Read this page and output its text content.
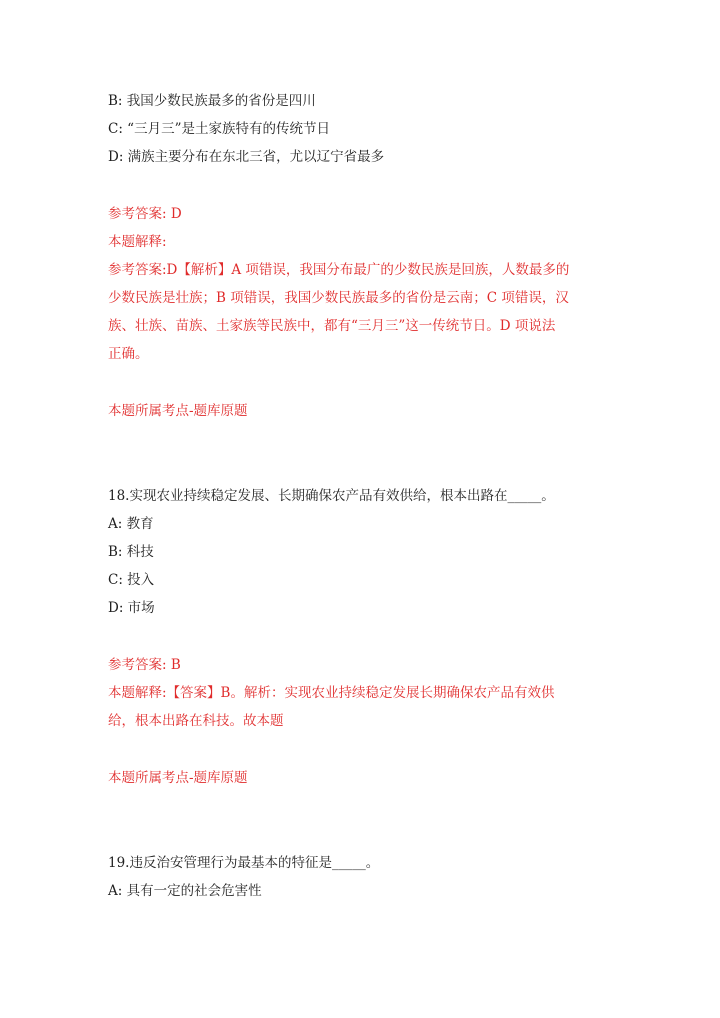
B: 我国少数民族最多的省份是四川
C: “三月三”是土家族特有的传统节日
D: 满族主要分布在东北三省，尤以辽宁省最多
参考答案: D
本题解释:
参考答案:D【解析】A 项错误，我国分布最广的少数民族是回族，人数最多的
少数民族是壮族；B 项错误，我国少数民族最多的省份是云南；C 项错误，汉
族、壮族、苗族、土家族等民族中，都有“三月三”这一传统节日。D 项说法
正确。
本题所属考点-题库原题
18.实现农业持续稳定发展、长期确保农产品有效供给，根本出路在_____。
A: 教育
B: 科技
C: 投入
D: 市场
参考答案: B
本题解释:【答案】B。解析：实现农业持续稳定发展长期确保农产品有效供
给，根本出路在科技。故本题
本题所属考点-题库原题
19.违反治安管理行为最基本的特征是_____。
A: 具有一定的社会危害性
